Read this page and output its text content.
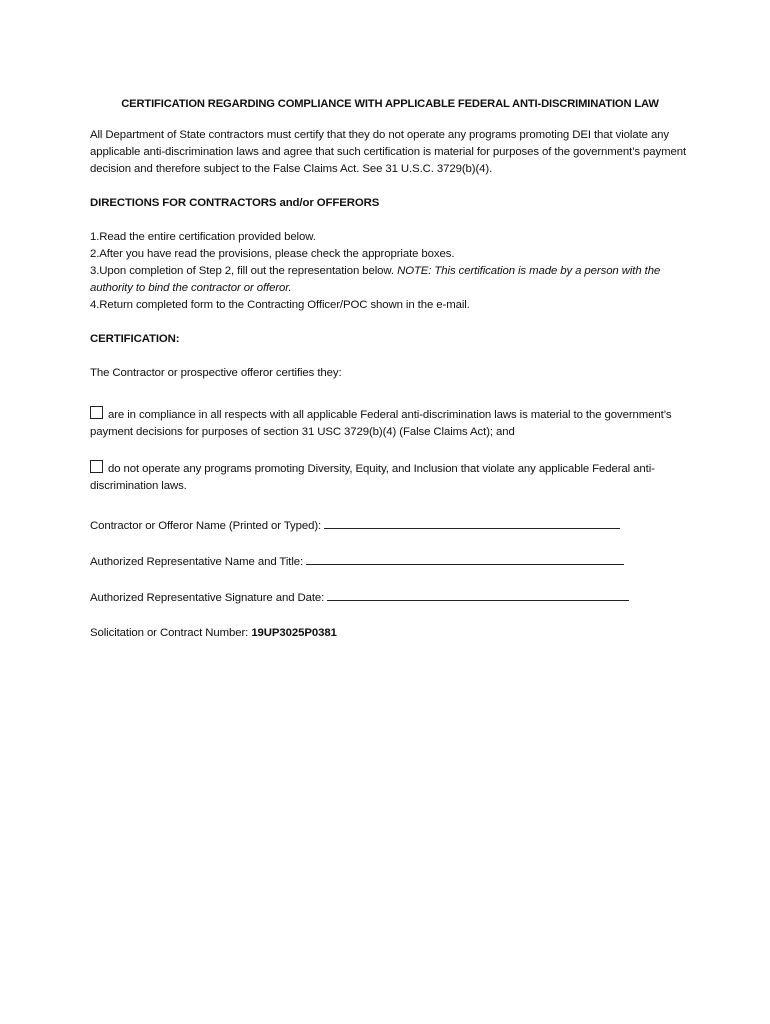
CERTIFICATION REGARDING COMPLIANCE WITH APPLICABLE FEDERAL ANTI-DISCRIMINATION LAW

All Department of State contractors must certify that they do not operate any programs promoting DEI that violate any applicable anti-discrimination laws and agree that such certification is material for purposes of the government’s payment decision and therefore subject to the False Claims Act. See 31 U.S.C. 3729(b)(4).

DIRECTIONS FOR CONTRACTORS and/or OFFERORS

1.Read the entire certification provided below.
2.After you have read the provisions, please check the appropriate boxes.
3.Upon completion of Step 2, fill out the representation below. NOTE: This certification is made by a person with the authority to bind the contractor or offeror.
4.Return completed form to the Contracting Officer/POC shown in the e-mail.

CERTIFICATION:

The Contractor or prospective offeror certifies they:

are in compliance in all respects with all applicable Federal anti-discrimination laws is material to the government’s payment decisions for purposes of section 31 USC 3729(b)(4) (False Claims Act); and

do not operate any programs promoting Diversity, Equity, and Inclusion that violate any applicable Federal anti-discrimination laws.

Contractor or Offeror Name (Printed or Typed):

Authorized Representative Name and Title:

Authorized Representative Signature and Date:

Solicitation or Contract Number: 19UP3025P0381
